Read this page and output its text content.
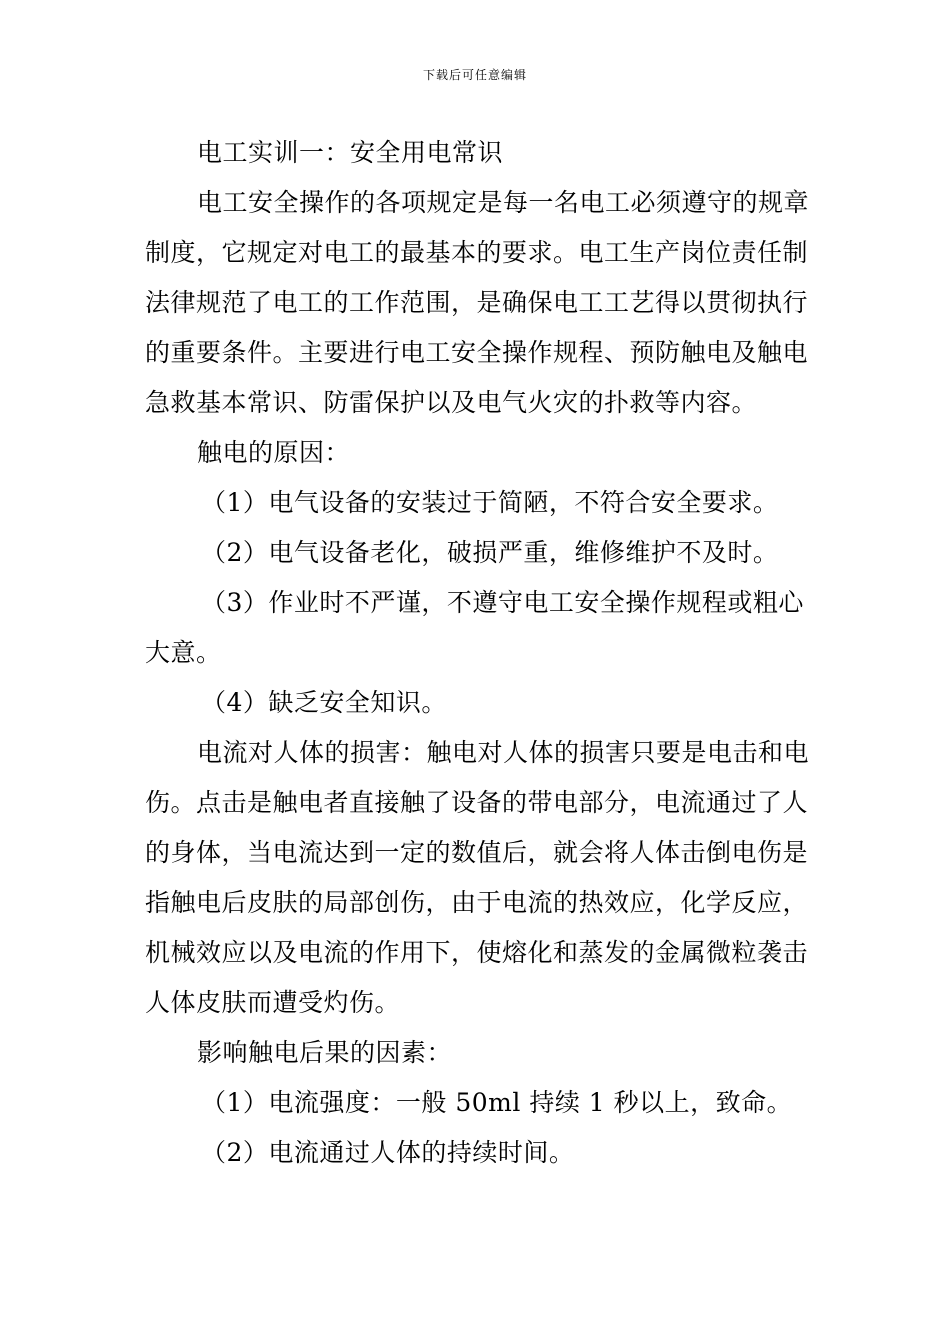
下载后可任意编辑

电工实训一：安全用电常识

电工安全操作的各项规定是每一名电工必须遵守的规章制度，它规定对电工的最基本的要求。电工生产岗位责任制法律规范了电工的工作范围，是确保电工工艺得以贯彻执行的重要条件。主要进行电工安全操作规程、预防触电及触电急救基本常识、防雷保护以及电气火灾的扑救等内容。

触电的原因：

（1）电气设备的安装过于简陋，不符合安全要求。

（2）电气设备老化，破损严重，维修维护不及时。

（3）作业时不严谨，不遵守电工安全操作规程或粗心大意。

（4）缺乏安全知识。

电流对人体的损害：触电对人体的损害只要是电击和电伤。点击是触电者直接触了设备的带电部分，电流通过了人的身体，当电流达到一定的数值后，就会将人体击倒电伤是指触电后皮肤的局部创伤，由于电流的热效应，化学反应，机械效应以及电流的作用下，使熔化和蒸发的金属微粒袭击人体皮肤而遭受灼伤。

影响触电后果的因素：

（1）电流强度：一般 50ml 持续 1 秒以上，致命。

（2）电流通过人体的持续时间。
